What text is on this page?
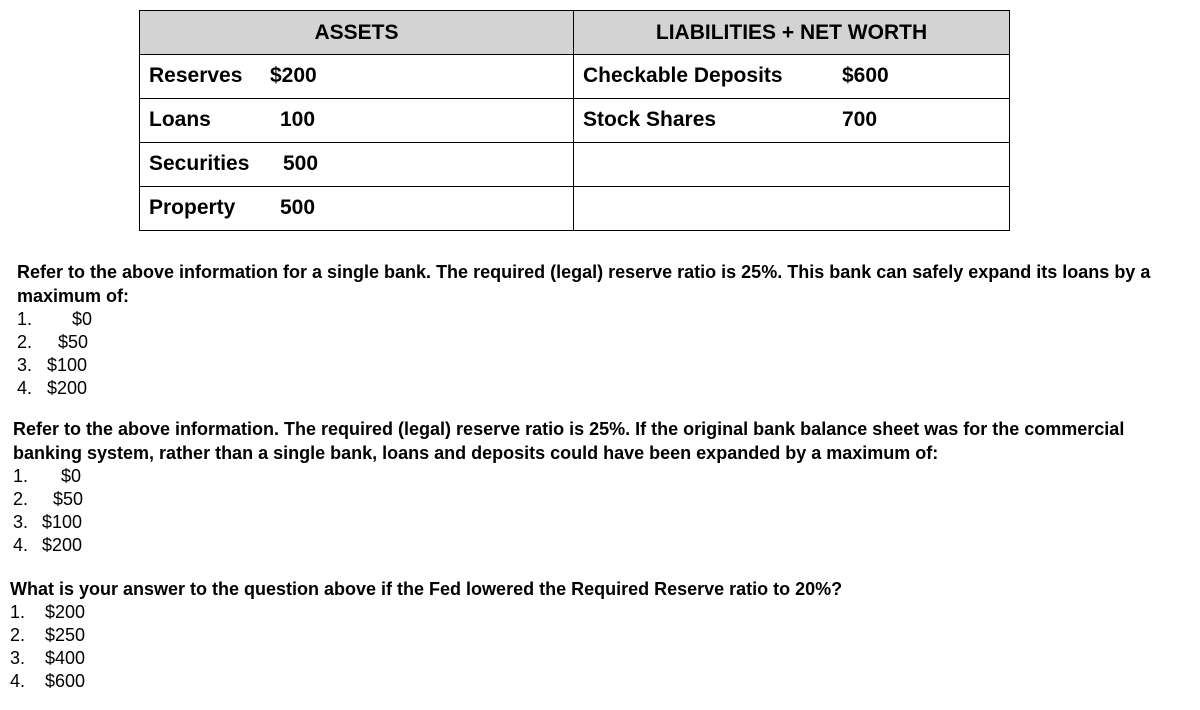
ASSETS	LIABILITIES + NET WORTH

Reserves $200	Checkable Deposits $600

Loans 100	Stock Shares 700

Securities 500	

Property 500	

Refer to the above information for a single bank. The required (legal) reserve ratio is 25%. This bank can safely expand its loans by a maximum of:
1. $0
2. $50
3. $100
4. $200
Refer to the above information. The required (legal) reserve ratio is 25%. If the original bank balance sheet was for the commercial banking system, rather than a single bank, loans and deposits could have been expanded by a maximum of:
1. $0
2. $50
3. $100
4. $200
What is your answer to the question above if the Fed lowered the Required Reserve ratio to 20%?
1. $200
2. $250
3. $400
4. $600
